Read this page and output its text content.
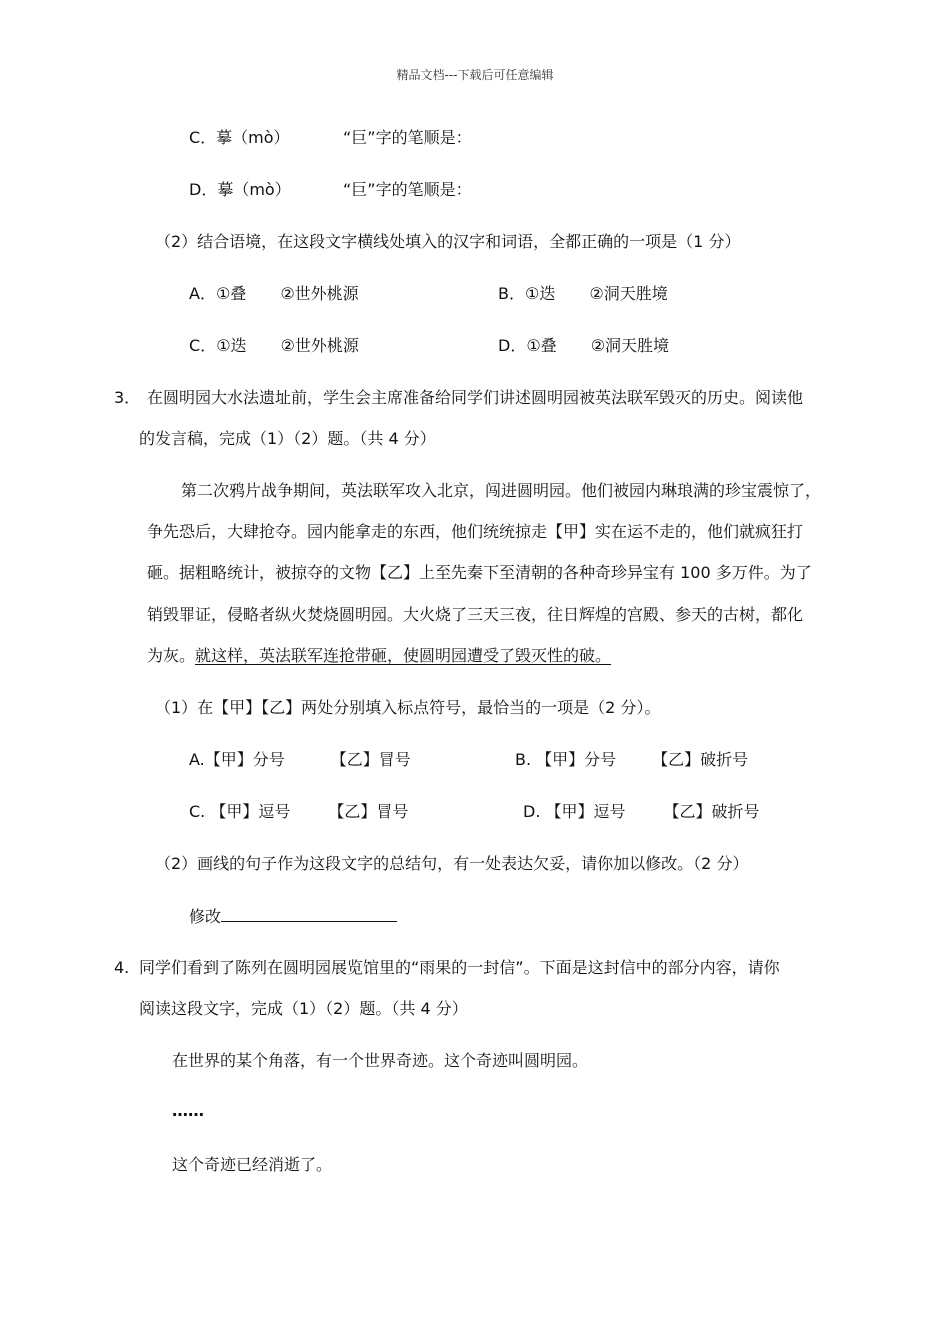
精品文档---下载后可任意编辑
C．摹（mò）	“巨”字的笔顺是：
D．摹（mò）	“巨”字的笔顺是：
（2）结合语境，在这段文字横线处填入的汉字和词语，全都正确的一项是（1 分）
A．①叠 ②世外桃源	B．①迭 ②洞天胜境
C．①迭 ②世外桃源	D．①叠 ②洞天胜境
3． 在圆明园大水法遗址前，学生会主席准备给同学们讲述圆明园被英法联军毁灭的历史。阅读他
的发言稿，完成（1）（2）题。（共 4 分）
第二次鸦片战争期间，英法联军攻入北京，闯进圆明园。他们被园内琳琅满的珍宝震惊了，
争先恐后，大肆抢夺。园内能拿走的东西，他们统统掠走【甲】实在运不走的，他们就疯狂打
砸。据粗略统计，被掠夺的文物【乙】上至先秦下至清朝的各种奇珍异宝有 100 多万件。为了
销毁罪证，侵略者纵火焚烧圆明园。大火烧了三天三夜，往日辉煌的宫殿、参天的古树，都化
为灰。就这样，英法联军连抢带砸，使圆明园遭受了毁灭性的破。
（1）在【甲】【乙】两处分别填入标点符号，最恰当的一项是（2 分）。
A.【甲】分号	【乙】冒号	B. 【甲】分号 【乙】破折号
C. 【甲】逗号 【乙】冒号	D. 【甲】逗号 【乙】破折号
（2）画线的句子作为这段文字的总结句，有一处表达欠妥，请你加以修改。（2 分）
修改
4. 同学们看到了陈列在圆明园展览馆里的“雨果的一封信”。下面是这封信中的部分内容，请你
阅读这段文字，完成（1）（2）题。（共 4 分）
在世界的某个角落，有一个世界奇迹。这个奇迹叫圆明园。
……
这个奇迹已经消逝了。
